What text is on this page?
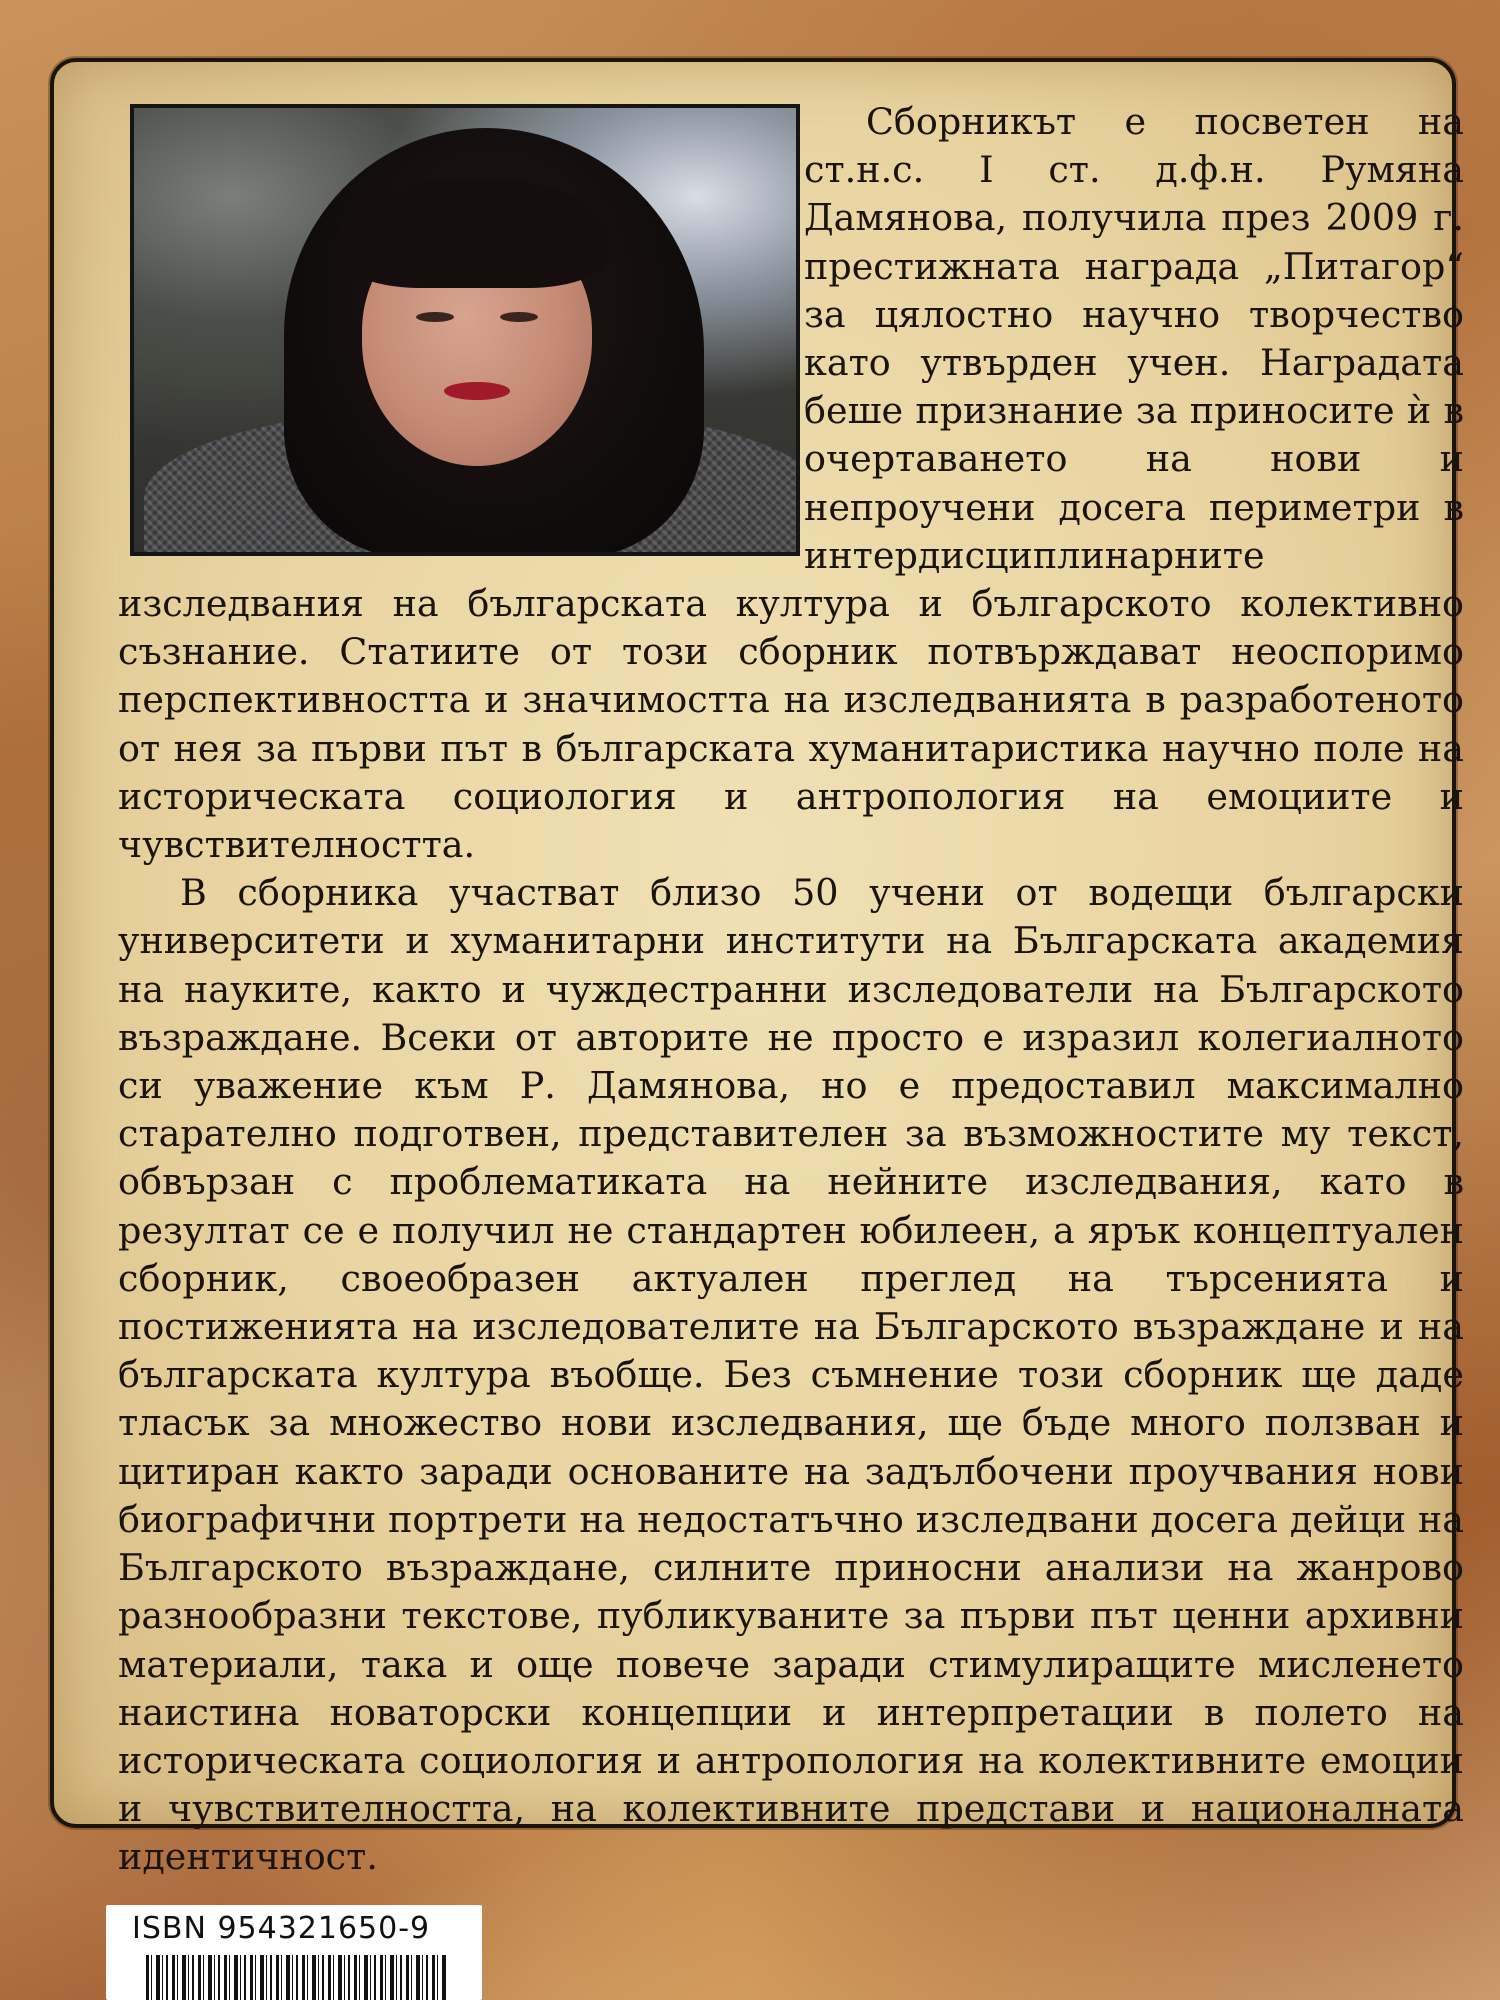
Сборникът е посветен на ст.н.с. I ст. д.ф.н. Румяна Дамянова, получила през 2009 г. престижната награда „Питагор“ за цялостно научно творчество като утвърден учен. Наградата беше признание за приносите ѝ в очертаването на нови и непроучени досега периметри в интердисциплинарните изследвания на българската култура и българското колективно съзнание. Статиите от този сборник потвърждават неоспоримо перспективността и значимостта на изследванията в разработеното от нея за първи път в българската хуманитаристика научно поле на историческата социология и антропология на емоциите и чувствителността.

В сборника участват близо 50 учени от водещи български университети и хуманитарни институти на Българската академия на науките, както и чуждестранни изследователи на Българското възраждане. Всеки от авторите не просто е изразил колегиалното си уважение към Р. Дамянова, но е предоставил максимално старателно подготвен, представителен за възможностите му текст, обвързан с проблематиката на нейните изследвания, като в резултат се е получил не стандартен юбилеен, а ярък концептуален сборник, своеобразен актуален преглед на търсенията и постиженията на изследователите на Българското възраждане и на българската култура въобще. Без съмнение този сборник ще даде тласък за множество нови изследвания, ще бъде много ползван и цитиран както заради основаните на задълбочени проучвания нови биографични портрети на недостатъчно изследвани досега дейци на Българското възраждане, силните приносни анализи на жанрово разнообразни текстове, публикуваните за първи път ценни архивни материали, така и още повече заради стимулиращите мисленето наистина новаторски концепции и интерпретации в полето на историческата социология и антропология на колективните емоции и чувствителността, на колективните представи и националната идентичност.

ISBN 954321650-9
